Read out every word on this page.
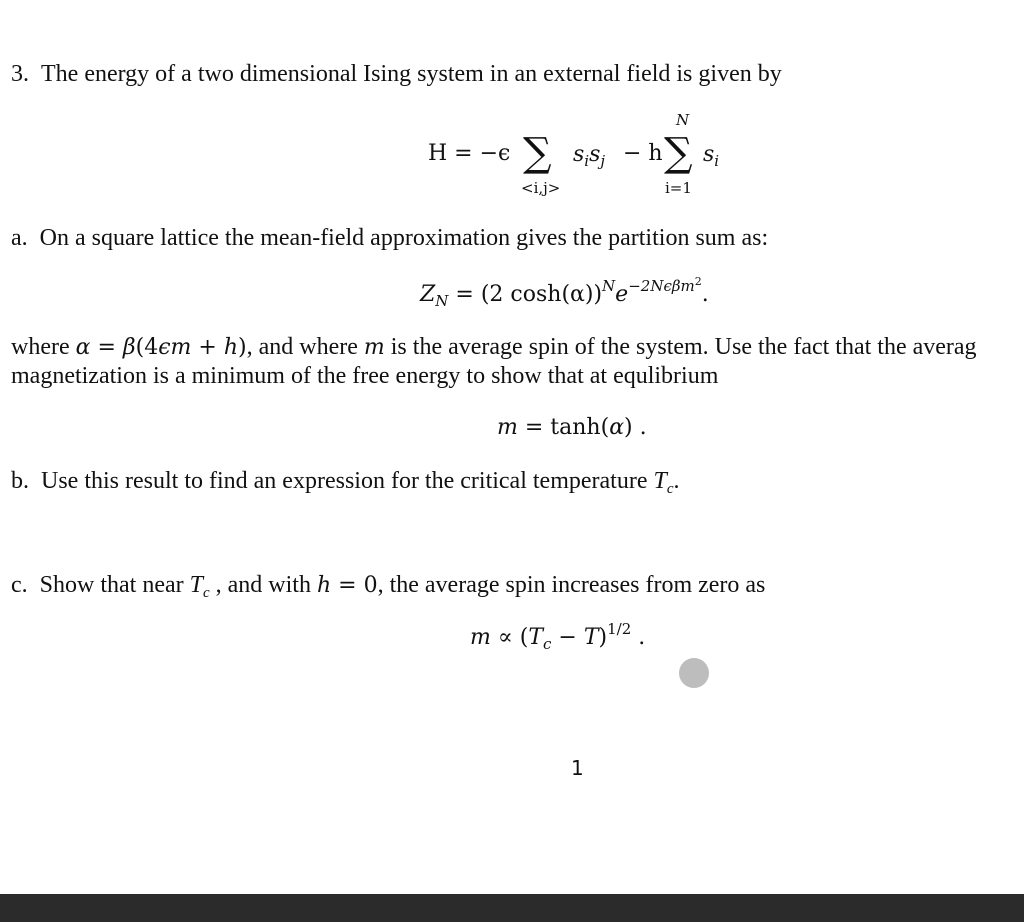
3. The energy of a two dimensional Ising system in an external field is given by
H = −ϵ ∑
<i,j>
$s_is_j - h$
N
∑
i=1
$s_i$
a. On a square lattice the mean-field approximation gives the partition sum as:
$Z_N = (2$ $\cosh(\alpha))^Ne^{-2N\epsilon\beta m^2}$.
where α = β(4ϵm + h), and where m is the average spin of the system. Use the fact that the averag
magnetization is a minimum of the free energy to show that at equlibrium
m = tanh(α) .
b. Use this result to find an expression for the critical temperature $T_c$.
c. Show that near $T_c$ , and with h = 0, the average spin increases from zero as
$m \propto (T_c - T)^{1/2}$ .
1
